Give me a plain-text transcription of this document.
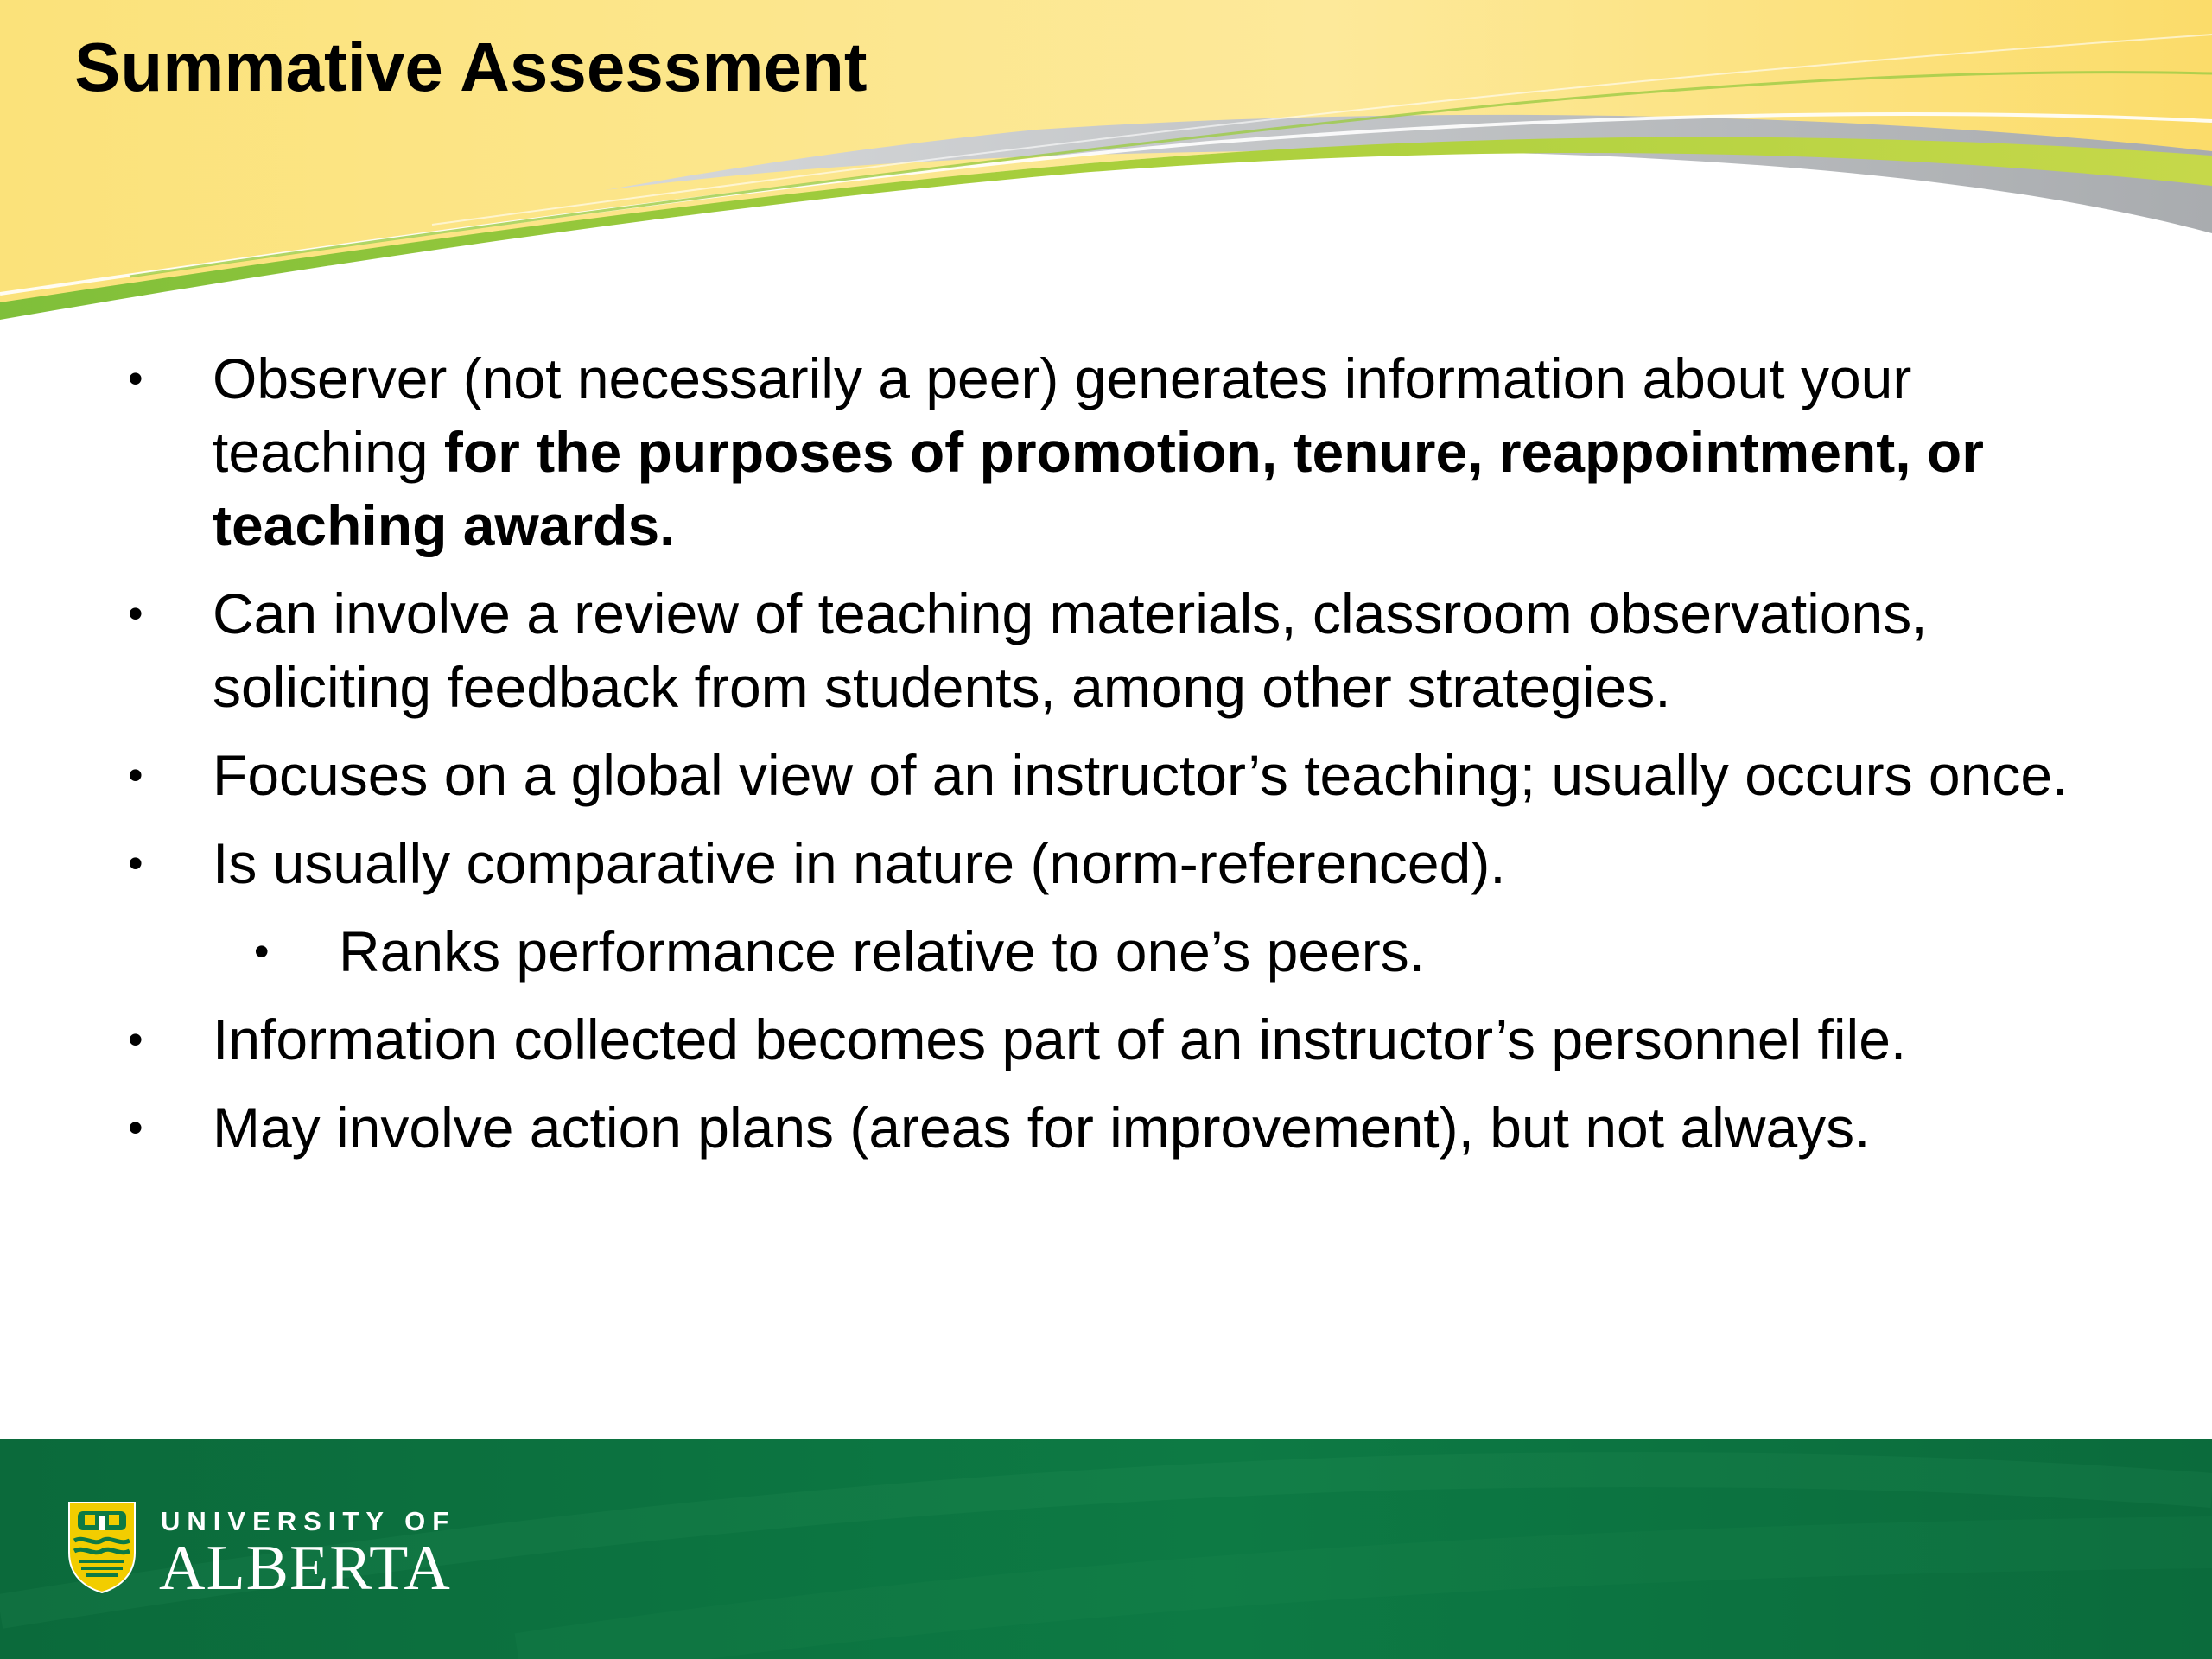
Summative Assessment
• Observer (not necessarily a peer) generates information about your teaching for the purposes of promotion, tenure, reappointment, or teaching awards.
• Can involve a review of teaching materials, classroom observations, soliciting feedback from students, among other strategies.
• Focuses on a global view of an instructor’s teaching; usually occurs once.
• Is usually comparative in nature (norm-referenced).
• Ranks performance relative to one’s peers.
• Information collected becomes part of an instructor’s personnel file.
• May involve action plans (areas for improvement), but not always.
UNIVERSITY OF
ALBERTA
